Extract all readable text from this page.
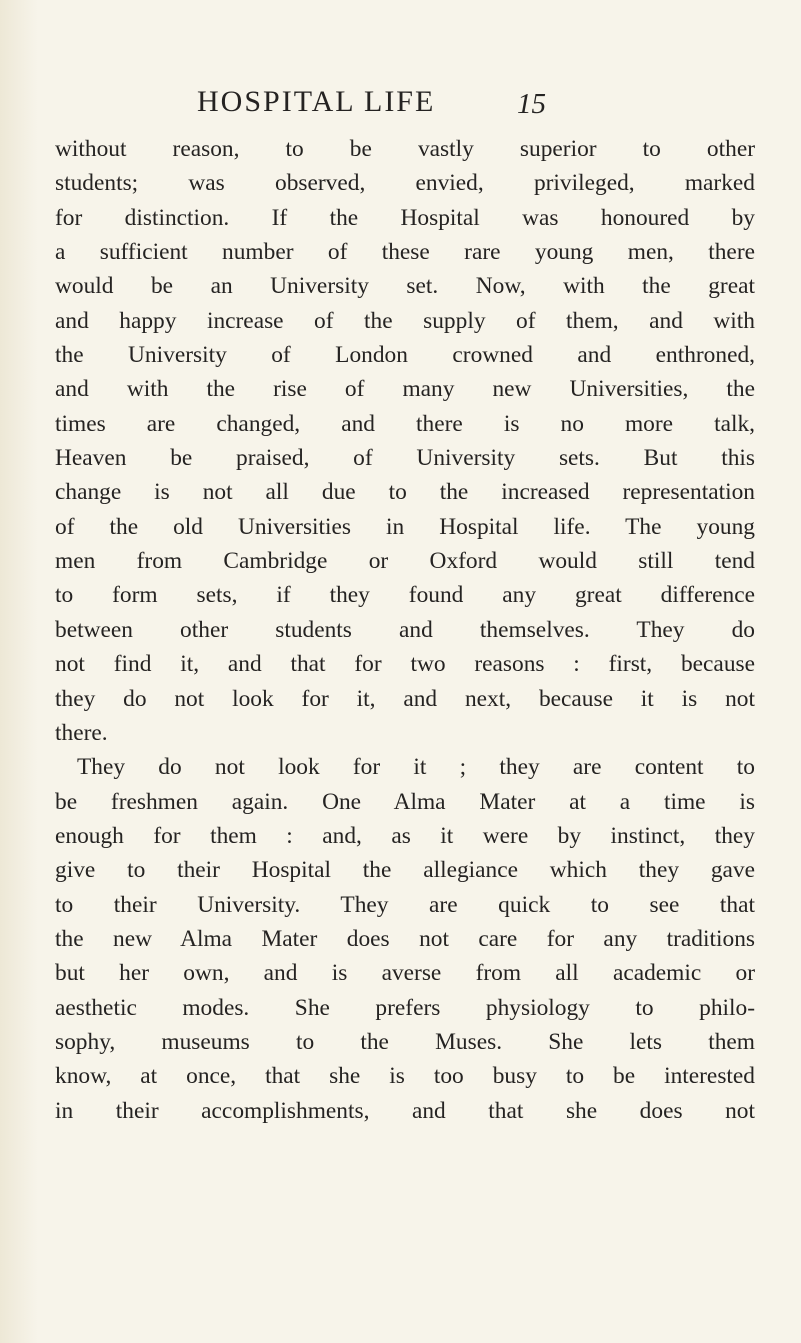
HOSPITAL LIFE	15
without reason, to be vastly superior to other
students; was observed, envied, privileged, marked
for distinction. If the Hospital was honoured by
a sufficient number of these rare young men, there
would be an University set. Now, with the great
and happy increase of the supply of them, and with
the University of London crowned and enthroned,
and with the rise of many new Universities, the
times are changed, and there is no more talk,
Heaven be praised, of University sets. But this
change is not all due to the increased representation
of the old Universities in Hospital life. The young
men from Cambridge or Oxford would still tend
to form sets, if they found any great difference
between other students and themselves. They do
not find it, and that for two reasons : first, because
they do not look for it, and next, because it is not
there.
They do not look for it ; they are content to
be freshmen again. One Alma Mater at a time is
enough for them : and, as it were by instinct, they
give to their Hospital the allegiance which they gave
to their University. They are quick to see that
the new Alma Mater does not care for any traditions
but her own, and is averse from all academic or
aesthetic modes. She prefers physiology to philo-
sophy, museums to the Muses. She lets them
know, at once, that she is too busy to be interested
in their accomplishments, and that she does not
